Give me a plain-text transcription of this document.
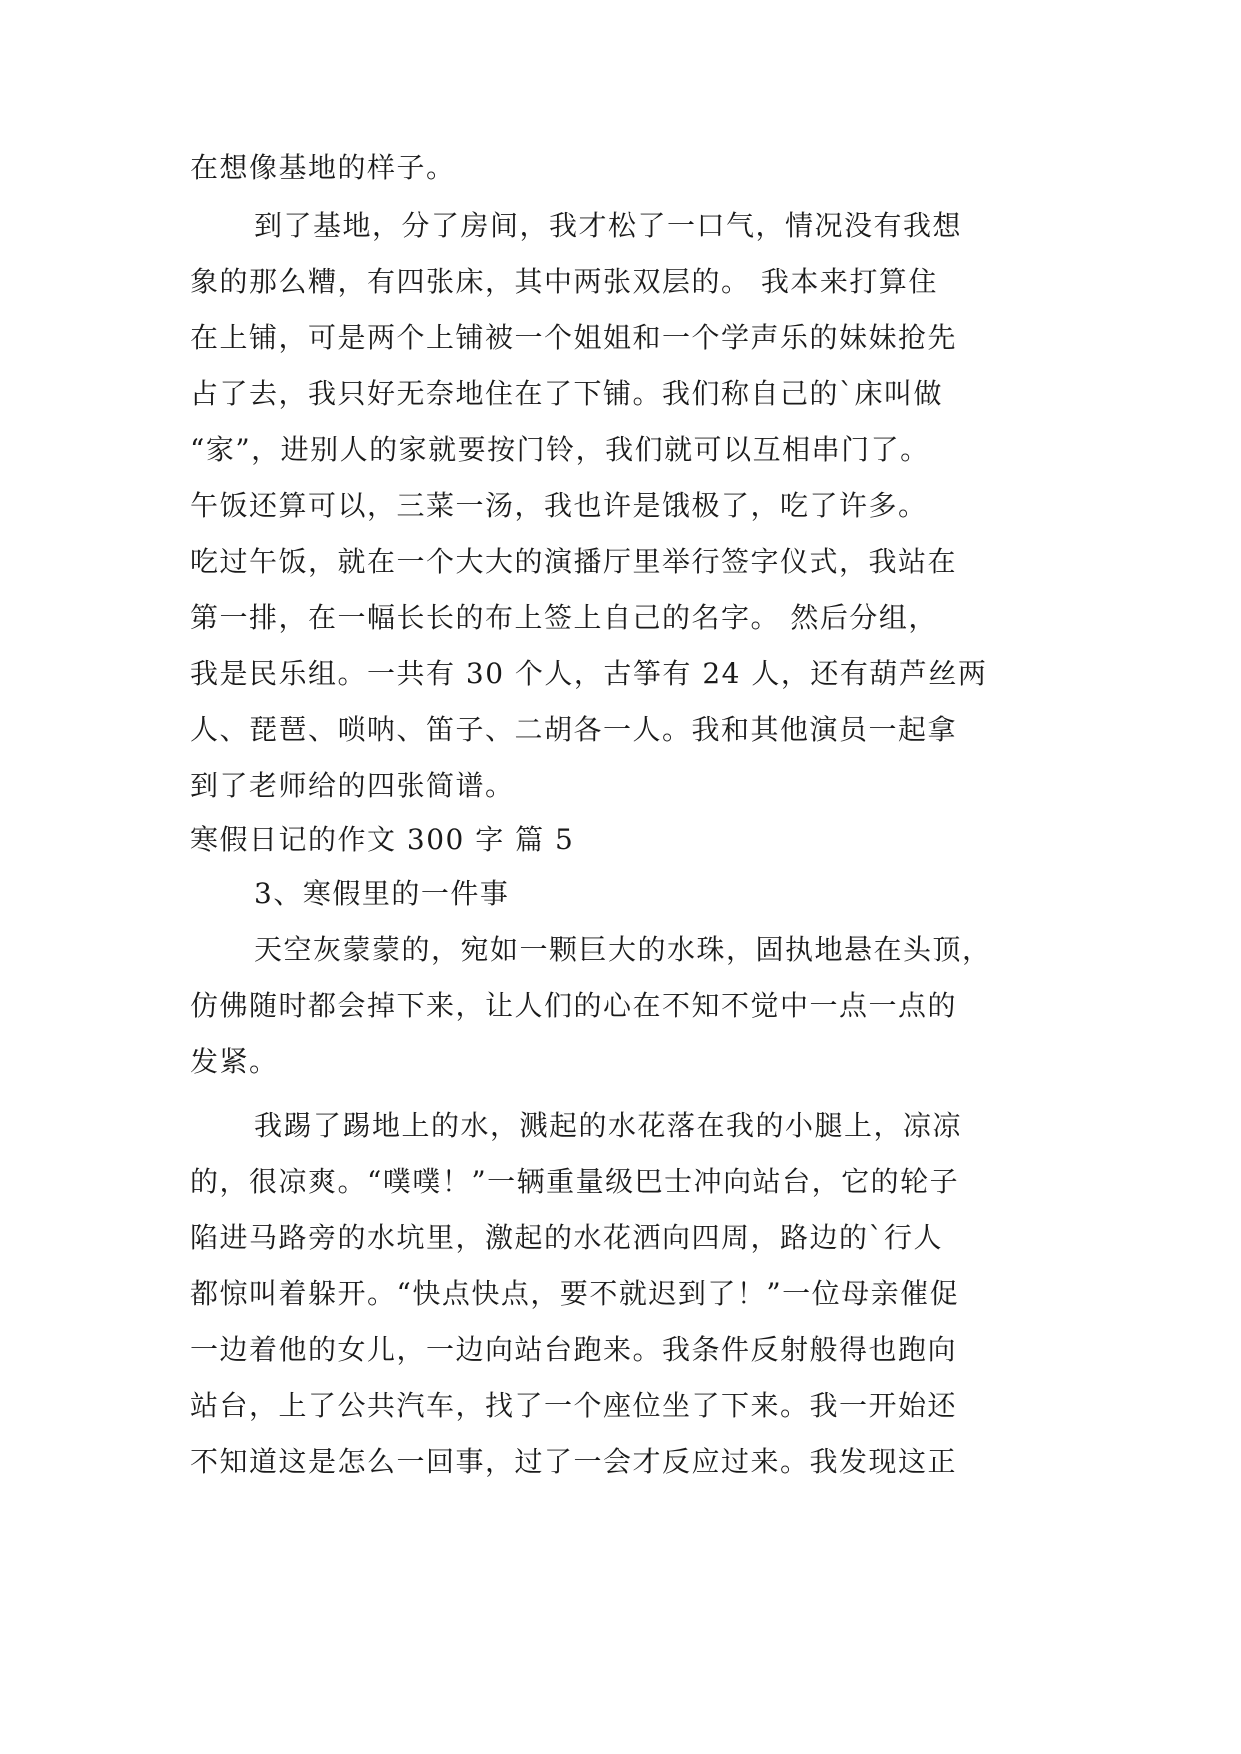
在想像基地的样子。
到了基地，分了房间，我才松了一口气，情况没有我想
象的那么糟，有四张床，其中两张双层的。 我本来打算住
在上铺，可是两个上铺被一个姐姐和一个学声乐的妹妹抢先
占了去，我只好无奈地住在了下铺。我们称自己的`床叫做
“家”，进别人的家就要按门铃，我们就可以互相串门了。
午饭还算可以，三菜一汤，我也许是饿极了，吃了许多。
吃过午饭，就在一个大大的演播厅里举行签字仪式，我站在
第一排，在一幅长长的布上签上自己的名字。 然后分组，
我是民乐组。一共有 30 个人，古筝有 24 人，还有葫芦丝两
人、琵琶、唢呐、笛子、二胡各一人。我和其他演员一起拿
到了老师给的四张简谱。
寒假日记的作文 300 字 篇 5
3、寒假里的一件事
天空灰蒙蒙的，宛如一颗巨大的水珠，固执地悬在头顶，
仿佛随时都会掉下来，让人们的心在不知不觉中一点一点的
发紧。
我踢了踢地上的水，溅起的水花落在我的小腿上，凉凉
的，很凉爽。“噗噗！”一辆重量级巴士冲向站台，它的轮子
陷进马路旁的水坑里，激起的水花洒向四周，路边的`行人
都惊叫着躲开。“快点快点，要不就迟到了！”一位母亲催促
一边着他的女儿，一边向站台跑来。我条件反射般得也跑向
站台，上了公共汽车，找了一个座位坐了下来。我一开始还
不知道这是怎么一回事，过了一会才反应过来。我发现这正
